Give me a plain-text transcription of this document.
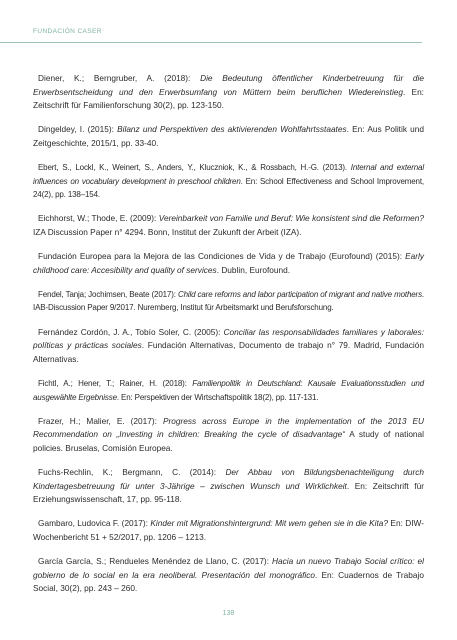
FUNDACIÓN CASER

Diener, K.; Berngruber, A. (2018): Die Bedeutung öffentlicher Kinderbetreuung für die Erwerbsentscheidung und den Erwerbsumfang von Müttern beim beruflichen Wiedereinstieg. En: Zeitschrift für Familienforschung 30(2), pp. 123-150.

Dingeldey, I. (2015): Bilanz und Perspektiven des aktivierenden Wohlfahrtsstaates. En: Aus Politik und Zeitgeschichte, 2015/1, pp. 33-40.

Ebert, S., Lockl, K., Weinert, S., Anders, Y., Kluczniok, K., & Rossbach, H.-G. (2013). Internal and external influences on vocabulary development in preschool children. En: School Effectiveness and School Improvement, 24(2), pp. 138–154.

Eichhorst, W.; Thode, E. (2009): Vereinbarkeit von Familie und Beruf: Wie konsistent sind die Reformen? IZA Discussion Paper n° 4294. Bonn, Institut der Zukunft der Arbeit (IZA).

Fundación Europea para la Mejora de las Condiciones de Vida y de Trabajo (Eurofound) (2015): Early childhood care: Accesibility and quality of services. Dublin, Eurofound.

Fendel, Tanja; Jochimsen, Beate (2017): Child care reforms and labor participation of migrant and native mothers. IAB-Discussion Paper 9/2017. Nuremberg, Institut für Arbeitsmarkt und Berufsforschung.

Fernández Cordón, J. A., Tobío Soler, C. (2005): Conciliar las responsabilidades familiares y laborales: políticas y prácticas sociales. Fundación Alternativas, Documento de trabajo n° 79. Madrid, Fundación Alternativas.

Fichtl, A.; Hener, T.; Rainer, H. (2018): Familienpolitik in Deutschland: Kausale Evaluationsstudien und ausgewählte Ergebnisse. En: Perspektiven der Wirtschaftspolitik 18(2), pp. 117-131.

Frazer, H.; Malier, E. (2017): Progress across Europe in the implementation of the 2013 EU Recommendation on „Investing in children: Breaking the cycle of disadvantage“ A study of national policies. Bruselas, Comisión Europea.

Fuchs-Rechlin, K.; Bergmann, C. (2014): Der Abbau von Bildungsbenachteiligung durch Kindertagesbetreuung für unter 3-Jährige – zwischen Wunsch und Wirklichkeit. En: Zeitschrift für Erziehungswissenschaft, 17, pp. 95-118.

Gambaro, Ludovica F. (2017): Kinder mit Migrationshintergrund: Mit wem gehen sie in die Kita? En: DIW-Wochenbericht 51 + 52/2017, pp. 1206 – 1213.

García García, S.; Rendueles Menéndez de Llano, C. (2017): Hacia un nuevo Trabajo Social crítico: el gobierno de lo social en la era neoliberal. Presentación del monográfico. En: Cuadernos de Trabajo Social, 30(2), pp. 243 – 260.

138
